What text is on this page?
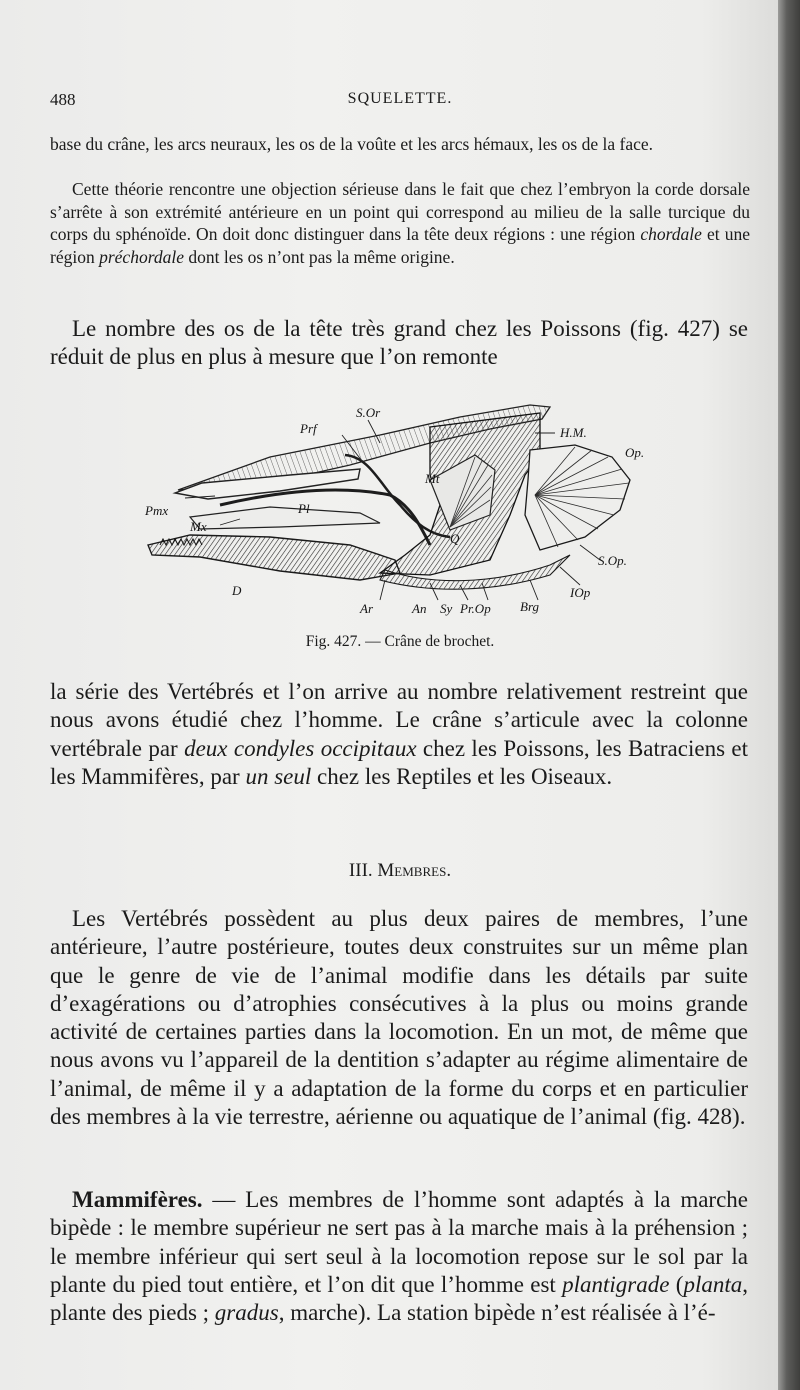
488	SQUELETTE.

base du crâne, les arcs neuraux, les os de la voûte et les arcs hémaux, les os de la face.

Cette théorie rencontre une objection sérieuse dans le fait que chez l’embryon la corde dorsale s’arrête à son extrémité antérieure en un point qui correspond au milieu de la salle turcique du corps du sphénoïde. On doit donc distinguer dans la tête deux régions : une région chordale et une région préchordale dont les os n’ont pas la même origine.

Le nombre des os de la tête très grand chez les Poissons (fig. 427) se réduit de plus en plus à mesure que l’on remonte

S.Or
Prf	H.M.
Op.
Mt
Pmx	Pl
Mx
Q
S.Op.
D	IOp
Ar	An Sy Pr.Op Brg
Fig. 427. — Crâne de brochet.

la série des Vertébrés et l’on arrive au nombre relativement restreint que nous avons étudié chez l’homme. Le crâne s’articule avec la colonne vertébrale par deux condyles occipitaux chez les Poissons, les Batraciens et les Mammifères, par un seul chez les Reptiles et les Oiseaux.

III. Membres.

Les Vertébrés possèdent au plus deux paires de membres, l’une antérieure, l’autre postérieure, toutes deux construites sur un même plan que le genre de vie de l’animal modifie dans les détails par suite d’exagérations ou d’atrophies consécutives à la plus ou moins grande activité de certaines parties dans la locomotion. En un mot, de même que nous avons vu l’appareil de la dentition s’adapter au régime alimentaire de l’animal, de même il y a adaptation de la forme du corps et en particulier des membres à la vie terrestre, aérienne ou aquatique de l’animal (fig. 428).

Mammifères. — Les membres de l’homme sont adaptés à la marche bipède : le membre supérieur ne sert pas à la marche mais à la préhension ; le membre inférieur qui sert seul à la locomotion repose sur le sol par la plante du pied tout entière, et l’on dit que l’homme est plantigrade (planta, plante des pieds ; gradus, marche). La station bipède n’est réalisée à l’é-
